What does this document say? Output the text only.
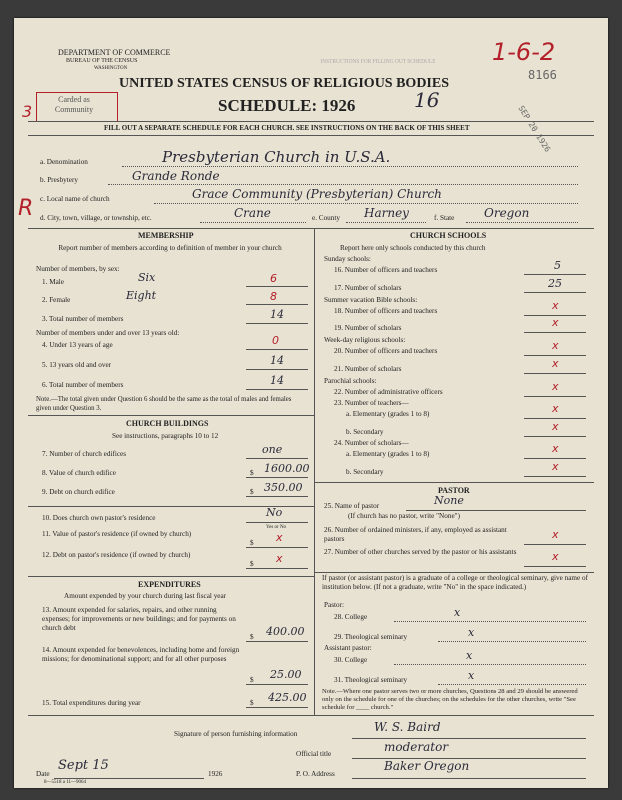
DEPARTMENT OF COMMERCE
BUREAU OF THE CENSUS
WASHINGTON
INSTRUCTIONS FOR FILLING OUT SCHEDULE
UNITED STATES CENSUS OF RELIGIOUS BODIES
SCHEDULE: 1926
Carded as Community
3
1-6-2
16
8166
SEP 20 1926
FILL OUT A SEPARATE SCHEDULE FOR EACH CHURCH. SEE INSTRUCTIONS ON THE BACK OF THIS SHEET
a. Denomination	Presbyterian Church in U.S.A.
b. Presbytery	Grande Ronde
c. Local name of church	Grace Community (Presbyterian) Church
R d. City, town, village, or township, etc.	Crane	e. County Harney	f. State Oregon
MEMBERSHIP
Report number of members according to definition of member in your church
Number of members, by sex:
1. Male	Six	6
2. Female	Eight	8
3. Total number of members	14
Number of members under and over 13 years old:
4. Under 13 years of age	0
5. 13 years old and over	14
6. Total number of members	14
Note.—The total given under Question 6 should be the same as the total of males and females given under Question 3.
CHURCH BUILDINGS
See instructions, paragraphs 10 to 12
7. Number of church edifices	one
8. Value of church edifice	$ 1600.00
9. Debt on church edifice	$ 350.00
10. Does church own pastor's residence	No
Yes or No
11. Value of pastor's residence (if owned by church)
$ x
12. Debt on pastor's residence (if owned by church)
$ x
EXPENDITURES
Amount expended by your church during last fiscal year
13. Amount expended for salaries, repairs, and other running expenses; for improvements or new buildings; and for payments on church debt
$ 400.00
14. Amount expended for benevolences, including home and foreign missions; for denominational support; and for all other purposes
$ 25.00
15. Total expenditures during year	$ 425.00
CHURCH SCHOOLS
Report here only schools conducted by this church
Sunday schools:
16. Number of officers and teachers	5
17. Number of scholars	25
Summer vacation Bible schools:
18. Number of officers and teachers	x
19. Number of scholars	x
Week-day religious schools:
20. Number of officers and teachers	x
21. Number of scholars	x
Parochial schools:
22. Number of administrative officers	x
23. Number of teachers—
a. Elementary (grades 1 to 8)	x
b. Secondary	x
24. Number of scholars—
a. Elementary (grades 1 to 8)	x
b. Secondary	x
PASTOR
25. Name of pastor	None
(If church has no pastor, write "None")
26. Number of ordained ministers, if any, employed as assistant pastors	x
27. Number of other churches served by the pastor or his assistants	x
If pastor (or assistant pastor) is a graduate of a college or theological seminary, give name of institution below. (If not a graduate, write "No" in the space indicated.)
Pastor:
28. College	x
29. Theological seminary	x
Assistant pastor:
30. College	x
31. Theological seminary	x
Note.—Where one pastor serves two or more churches, Questions 28 and 29 should be answered only on the schedule for one of the churches; on the schedules for the other churches, write "See schedule for ____ church."
Signature of person furnishing information	W. S. Baird
Official title	moderator
Date
Sept 15
1926
8—5518 a 11—9064
P. O. Address
Baker Oregon
